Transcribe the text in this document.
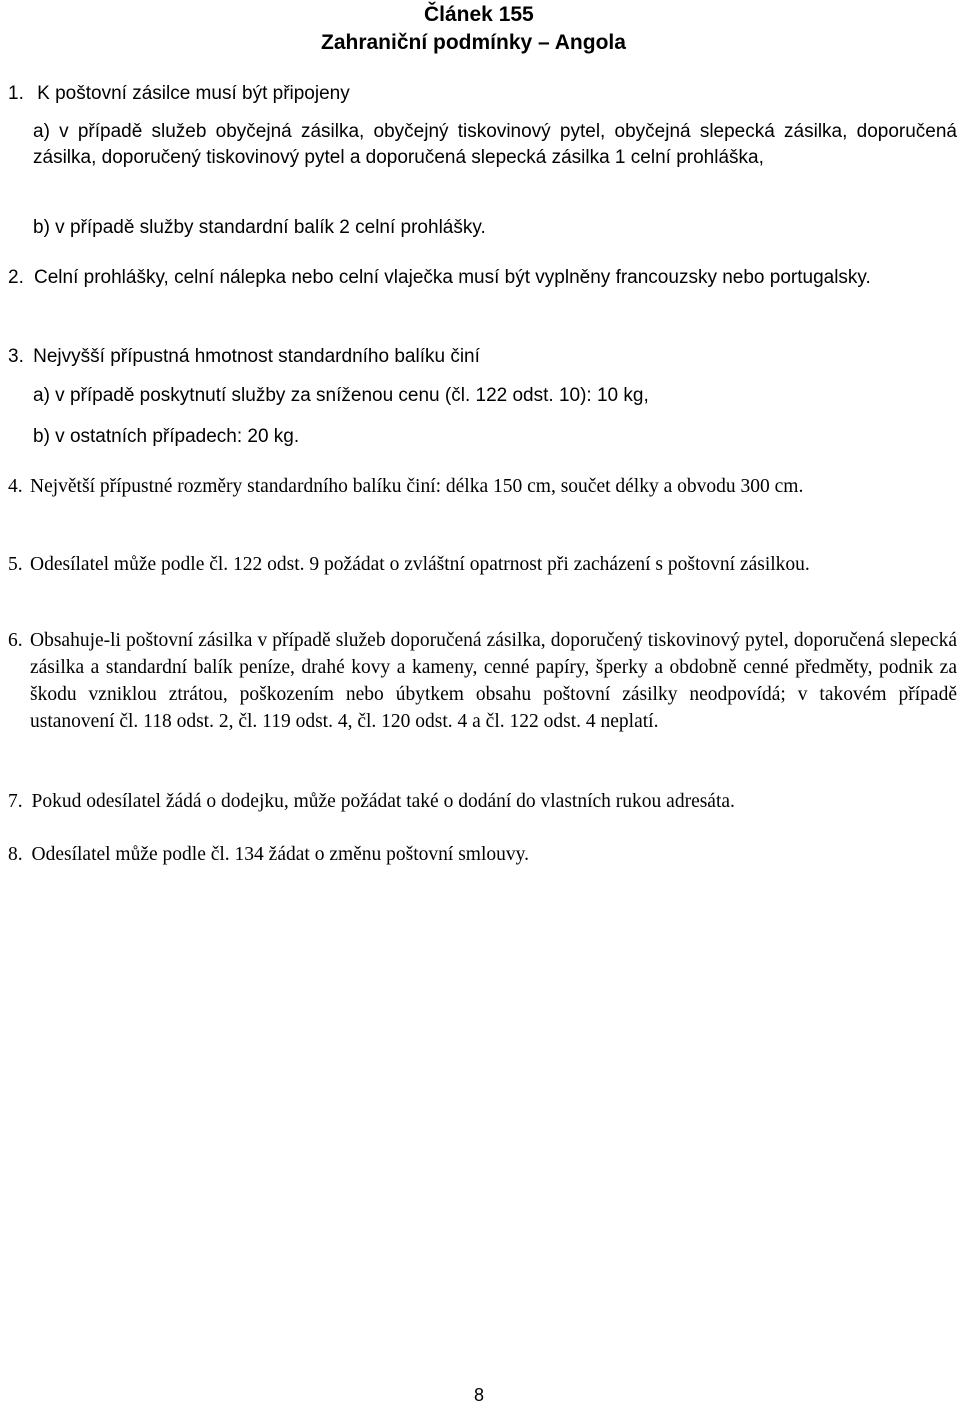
Článek 155
Zahraniční podmínky – Angola
1. K poštovní zásilce musí být připojeny
a) v případě služeb obyčejná zásilka, obyčejný tiskovinový pytel, obyčejná slepecká zásilka, doporučená zásilka, doporučený tiskovinový pytel a doporučená slepecká zásilka 1 celní prohláška,
b) v případě služby standardní balík 2 celní prohlášky.
2. Celní prohlášky, celní nálepka nebo celní vlaječka musí být vyplněny francouzsky nebo portugalsky.
3. Nejvyšší přípustná hmotnost standardního balíku činí
a) v případě poskytnutí služby za sníženou cenu (čl. 122 odst. 10): 10 kg,
b) v ostatních případech: 20 kg.
4. Největší přípustné rozměry standardního balíku činí: délka 150 cm, součet délky a obvodu 300 cm.
5. Odesílatel může podle čl. 122 odst. 9 požádat o zvláštní opatrnost při zacházení s poštovní zásilkou.
6. Obsahuje-li poštovní zásilka v případě služeb doporučená zásilka, doporučený tiskovinový pytel, doporučená slepecká zásilka a standardní balík peníze, drahé kovy a kameny, cenné papíry, šperky a obdobně cenné předměty, podnik za škodu vzniklou ztrátou, poškozením nebo úbytkem obsahu poštovní zásilky neodpovídá; v takovém případě ustanovení čl. 118 odst. 2, čl. 119 odst. 4, čl. 120 odst. 4 a čl. 122 odst. 4 neplatí.
7. Pokud odesílatel žádá o dodejku, může požádat také o dodání do vlastních rukou adresáta.
8. Odesílatel může podle čl. 134 žádat o změnu poštovní smlouvy.
8
